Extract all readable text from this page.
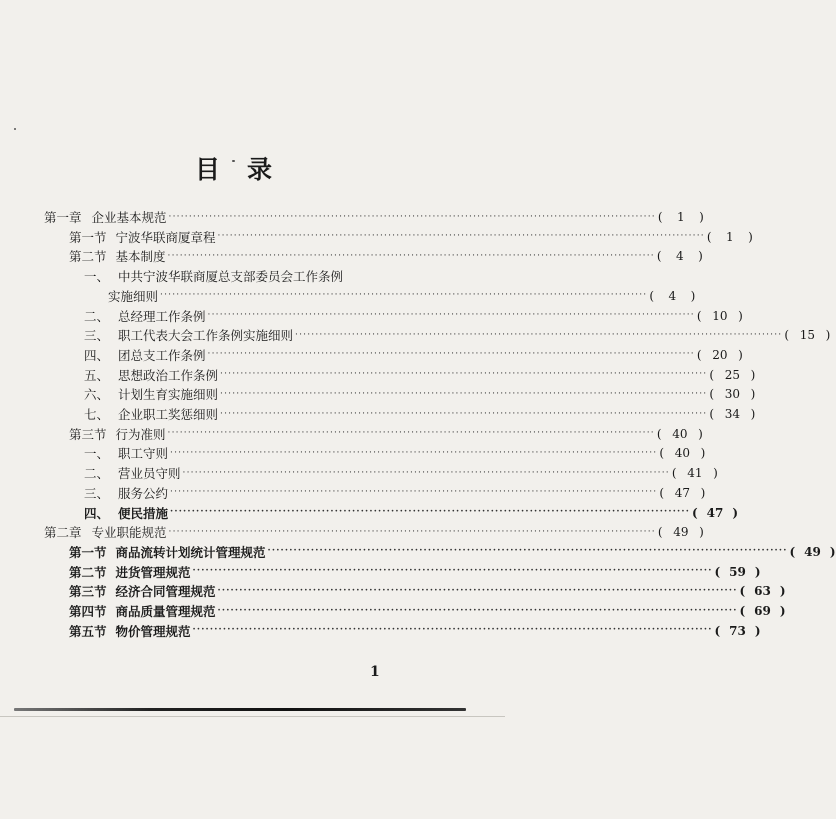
目 录
第一章 企业基本规范 ························································································································ (	1	)
第一节 宁波华联商厦章程 ························································································································ (	1	)
第二节 基本制度 ························································································································ (	4	)
一、 中共宁波华联商厦总支部委员会工作条例
实施细则 ························································································································ (	4	)
二、 总经理工作条例 ························································································································ ( 10 )
三、 职工代表大会工作条例实施细则 ························································································································ ( 15 )
四、 团总支工作条例 ························································································································ ( 20 )
五、 思想政治工作条例 ························································································································ ( 25 )
六、 计划生育实施细则 ························································································································ ( 30 )
七、 企业职工奖惩细则 ························································································································ ( 34 )
第三节 行为准则 ························································································································ ( 40 )
一、 职工守则 ························································································································ ( 40 )
二、 营业员守则 ························································································································ ( 41 )
三、 服务公约 ························································································································ ( 47 )
四、 便民措施 ························································································································ ( 47 )
第二章 专业职能规范 ························································································································ ( 49 )
第一节 商品流转计划统计管理规范 ························································································································ ( 49 )
第二节 进货管理规范 ························································································································ ( 59 )
第三节 经济合同管理规范 ························································································································ ( 63 )
第四节 商品质量管理规范 ························································································································ ( 69 )
第五节 物价管理规范 ························································································································ ( 73 )
1
